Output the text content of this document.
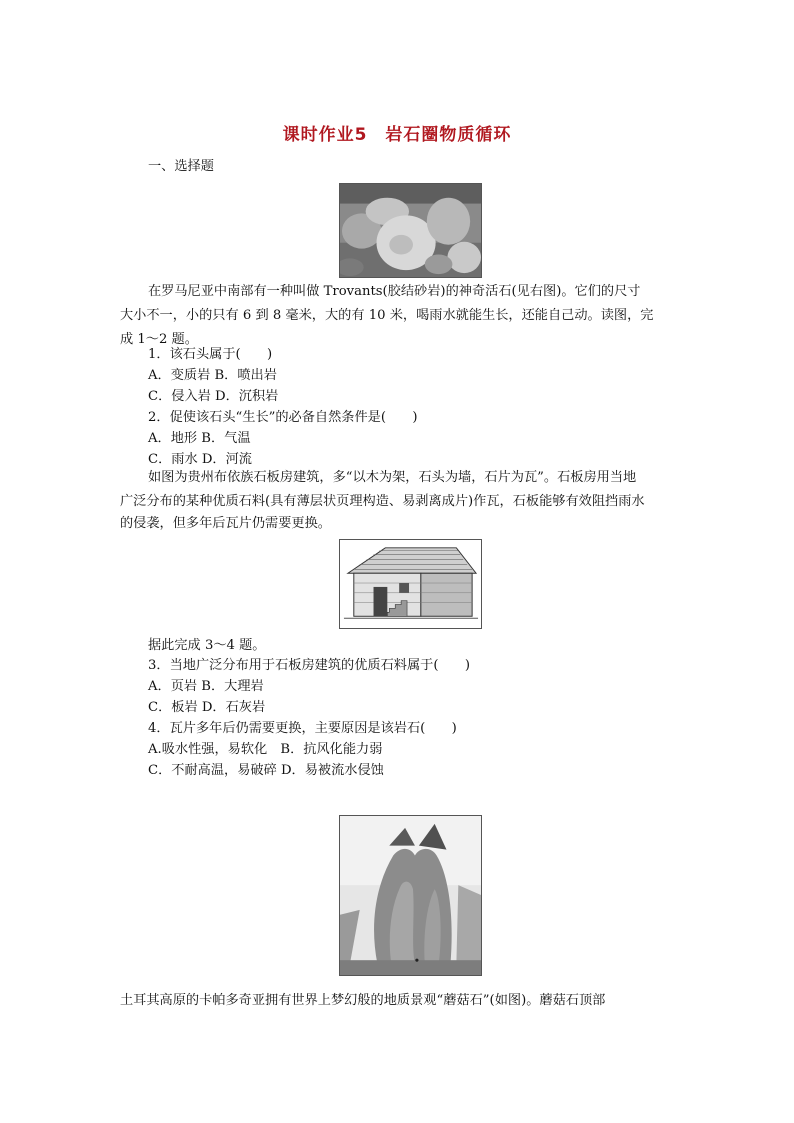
课时作业5　岩石圈物质循环

一、选择题

在罗马尼亚中南部有一种叫做 Trovants(胶结砂岩)的神奇活石(见右图)。它们的尺寸

大小不一，小的只有 6 到 8 毫米，大的有 10 米，喝雨水就能生长，还能自己动。读图，完

成 1～2 题。

1．该石头属于(　　)

A．变质岩 B．喷出岩

C．侵入岩 D．沉积岩

2．促使该石头“生长”的必备自然条件是(　　)

A．地形 B．气温

C．雨水 D．河流

如图为贵州布依族石板房建筑，多“以木为架，石头为墙，石片为瓦”。石板房用当地

广泛分布的某种优质石料(具有薄层状页理构造、易剥离成片)作瓦，石板能够有效阻挡雨水

的侵袭，但多年后瓦片仍需要更换。

据此完成 3～4 题。

3．当地广泛分布用于石板房建筑的优质石料属于(　　)

A．页岩 B．大理岩

C．板岩 D．石灰岩

4．瓦片多年后仍需要更换，主要原因是该岩石(　　)

A.吸水性强，易软化　B．抗风化能力弱

C．不耐高温，易破碎 D．易被流水侵蚀

土耳其高原的卡帕多奇亚拥有世界上梦幻般的地质景观“蘑菇石”(如图)。蘑菇石顶部
